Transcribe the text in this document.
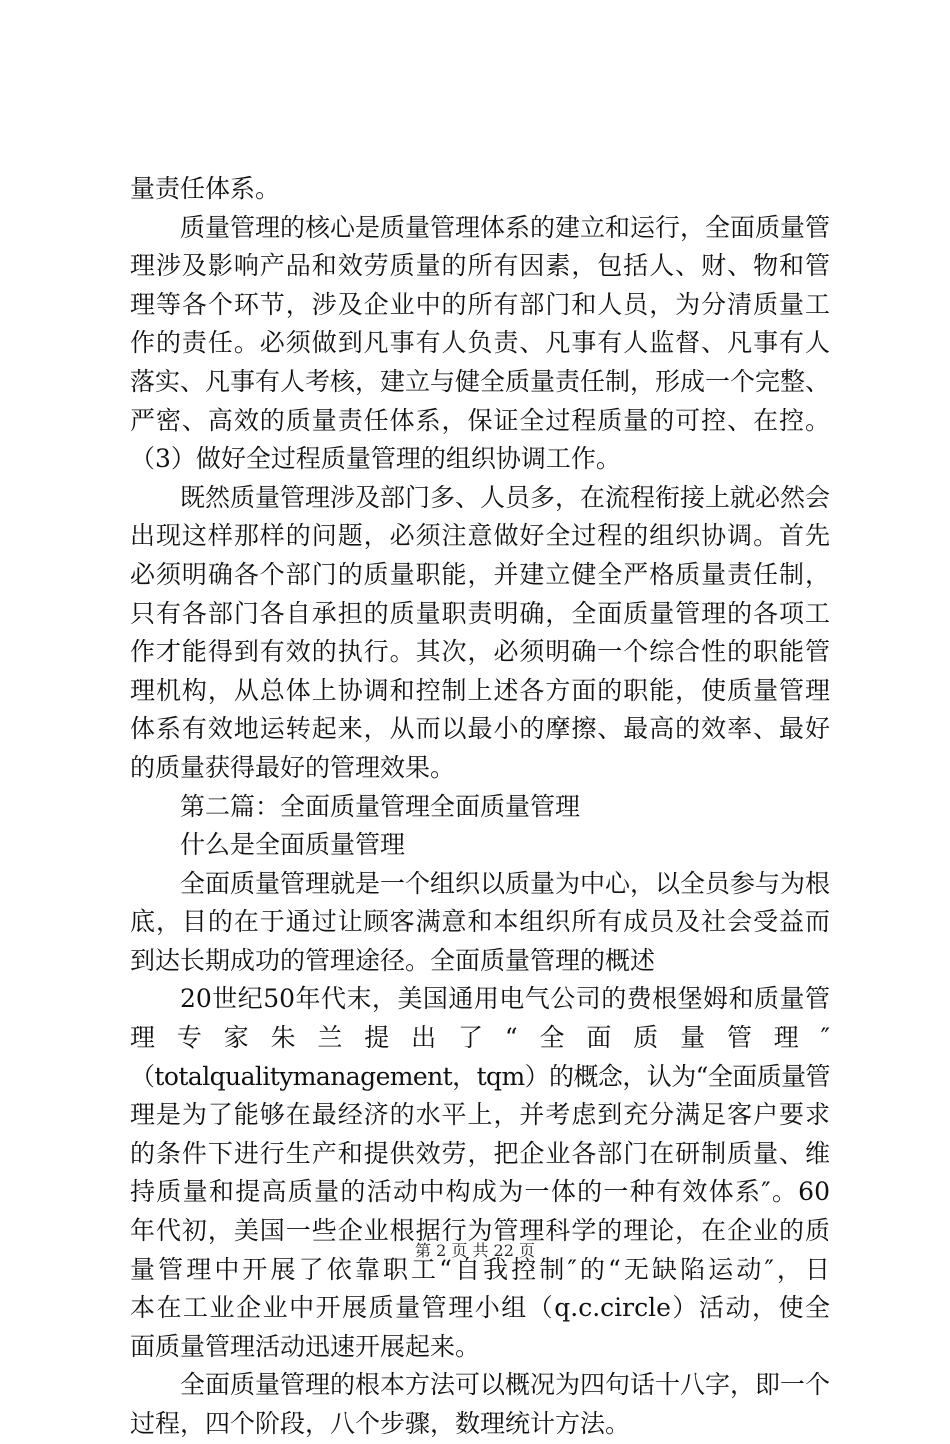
量责任体系。
质量管理的核心是质量管理体系的建立和运行，全面质量管
理涉及影响产品和效劳质量的所有因素，包括人、财、物和管
理等各个环节，涉及企业中的所有部门和人员，为分清质量工
作的责任。必须做到凡事有人负责、凡事有人监督、凡事有人
落实、凡事有人考核，建立与健全质量责任制，形成一个完整、
严密、高效的质量责任体系，保证全过程质量的可控、在控。
（3）做好全过程质量管理的组织协调工作。
既然质量管理涉及部门多、人员多，在流程衔接上就必然会
出现这样那样的问题，必须注意做好全过程的组织协调。首先
必须明确各个部门的质量职能，并建立健全严格质量责任制，
只有各部门各自承担的质量职责明确，全面质量管理的各项工
作才能得到有效的执行。其次，必须明确一个综合性的职能管
理机构，从总体上协调和控制上述各方面的职能，使质量管理
体系有效地运转起来，从而以最小的摩擦、最高的效率、最好
的质量获得最好的管理效果。
第二篇：全面质量管理全面质量管理
什么是全面质量管理
全面质量管理就是一个组织以质量为中心，以全员参与为根
底，目的在于通过让顾客满意和本组织所有成员及社会受益而
到达长期成功的管理途径。全面质量管理的概述
20世纪50年代末，美国通用电气公司的费根堡姆和质量管
理专家朱兰提出了“全面质量管理″
（totalqualitymanagement，tqm）的概念，认为“全面质量管
理是为了能够在最经济的水平上，并考虑到充分满足客户要求
的条件下进行生产和提供效劳，把企业各部门在研制质量、维
持质量和提高质量的活动中构成为一体的一种有效体系″。60
年代初，美国一些企业根据行为管理科学的理论，在企业的质
量管理中开展了依靠职工“自我控制″的“无缺陷运动″，日
本在工业企业中开展质量管理小组（q.c.circle）活动，使全
面质量管理活动迅速开展起来。
全面质量管理的根本方法可以概况为四句话十八字，即一个
过程，四个阶段，八个步骤，数理统计方法。
第 2 页 共 22 页
